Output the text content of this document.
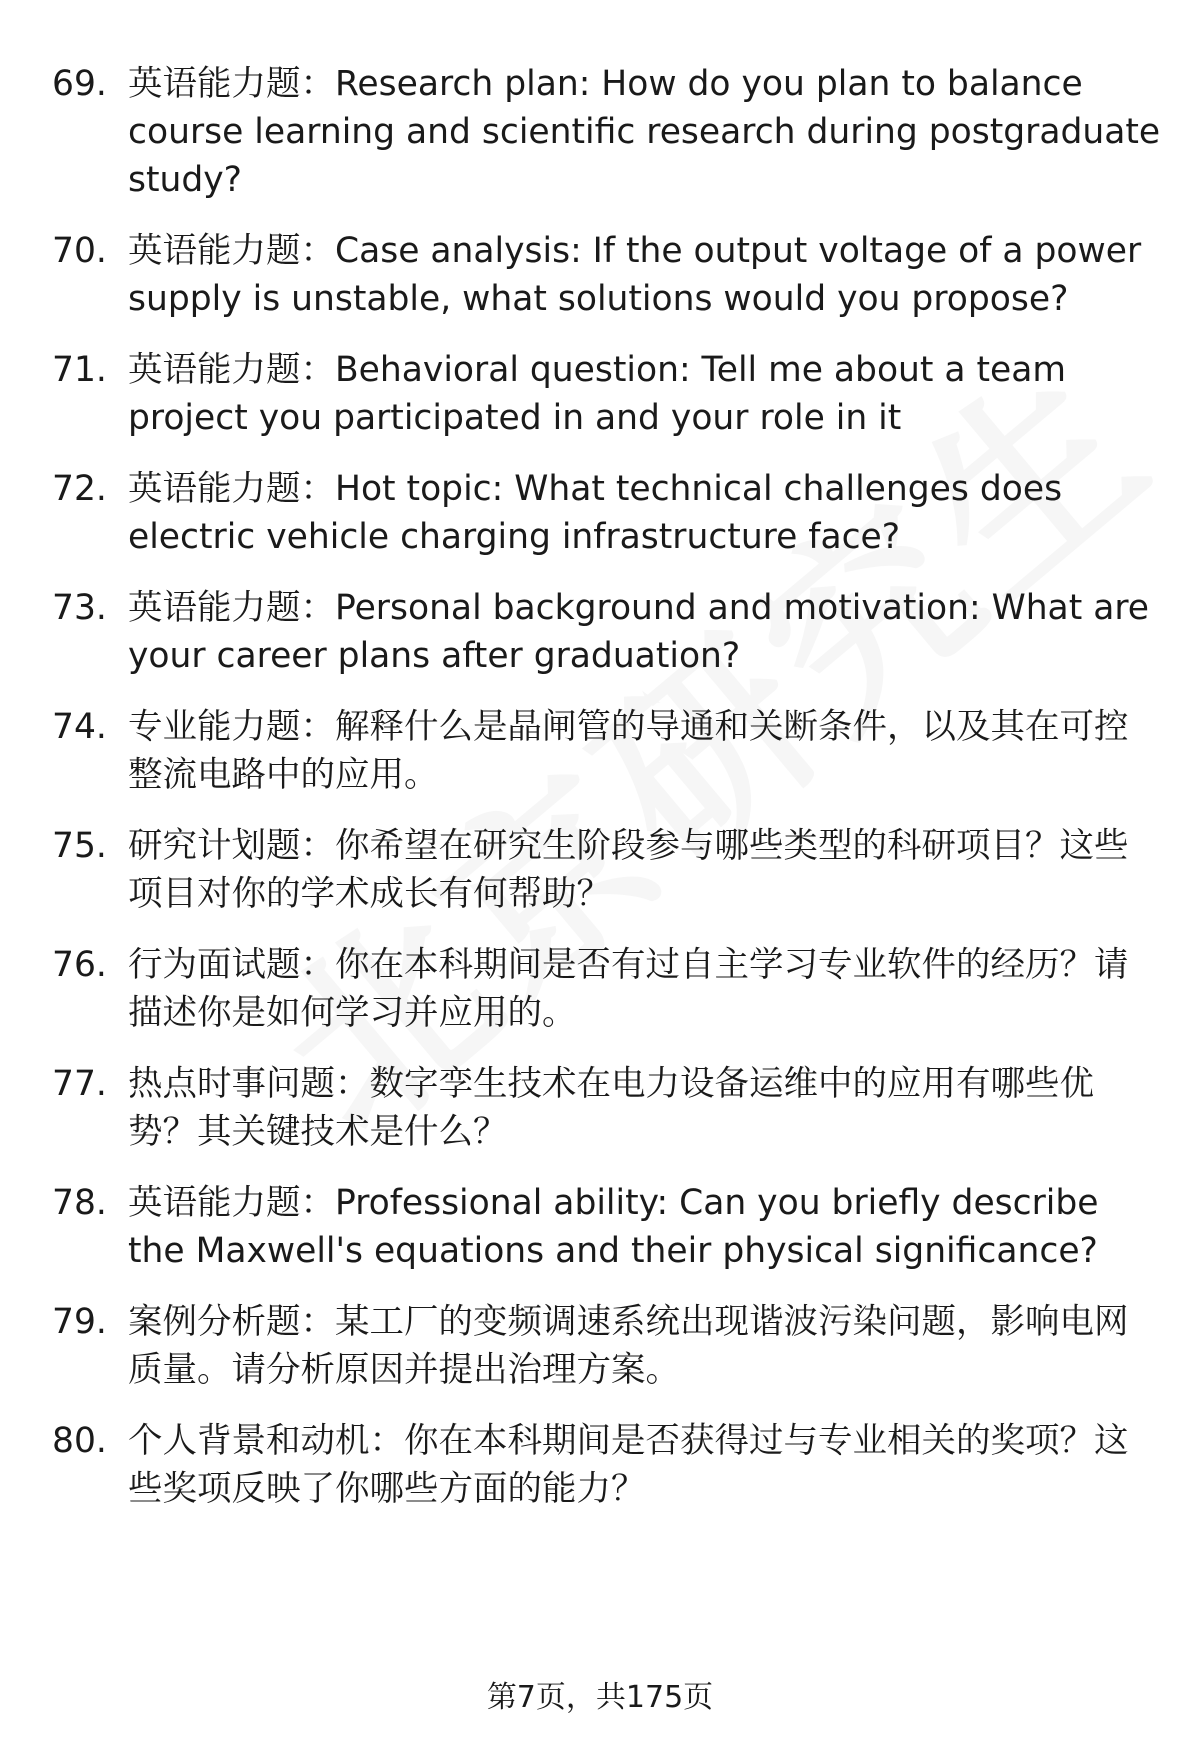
69. 英语能力题：Research plan: How do you plan to balance course learning and scientific research during postgraduate study?
70. 英语能力题：Case analysis: If the output voltage of a power supply is unstable, what solutions would you propose?
71. 英语能力题：Behavioral question: Tell me about a team project you participated in and your role in it
72. 英语能力题：Hot topic: What technical challenges does electric vehicle charging infrastructure face?
73. 英语能力题：Personal background and motivation: What are your career plans after graduation?
74. 专业能力题：解释什么是晶闸管的导通和关断条件，以及其在可控整流电路中的应用。
75. 研究计划题：你希望在研究生阶段参与哪些类型的科研项目？这些项目对你的学术成长有何帮助？
76. 行为面试题：你在本科期间是否有过自主学习专业软件的经历？请描述你是如何学习并应用的。
77. 热点时事问题：数字孪生技术在电力设备运维中的应用有哪些优势？其关键技术是什么？
78. 英语能力题：Professional ability: Can you briefly describe the Maxwell's equations and their physical significance?
79. 案例分析题：某工厂的变频调速系统出现谐波污染问题，影响电网质量。请分析原因并提出治理方案。
80. 个人背景和动机：你在本科期间是否获得过与专业相关的奖项？这些奖项反映了你哪些方面的能力？
第7页，共175页
